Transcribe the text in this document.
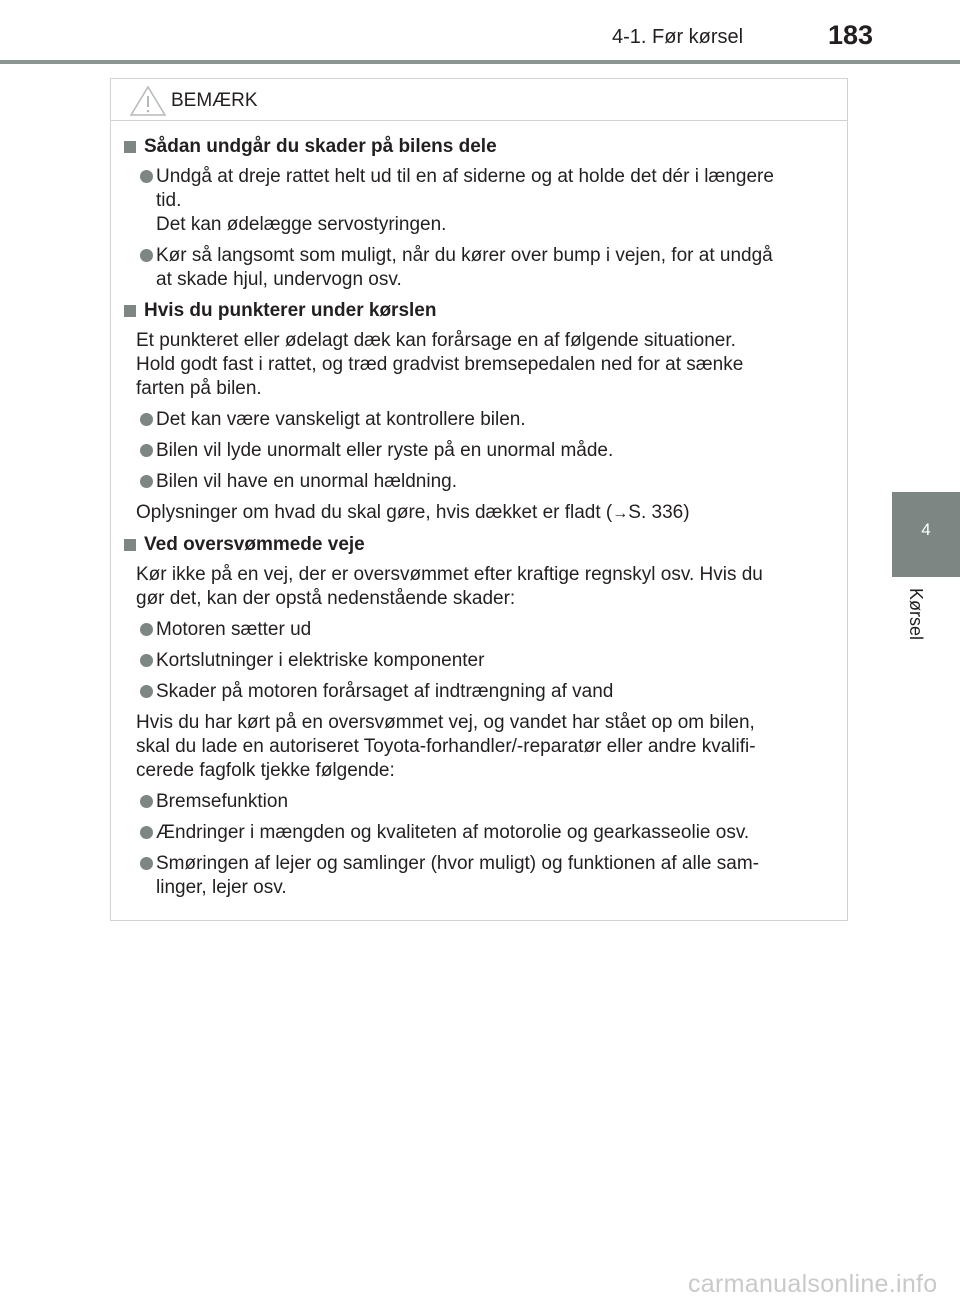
4-1. Før kørsel	183
4
Kørsel
BEMÆRK
Sådan undgår du skader på bilens dele
Undgå at dreje rattet helt ud til en af siderne og at holde det dér i længere
tid.
Det kan ødelægge servostyringen.
Kør så langsomt som muligt, når du kører over bump i vejen, for at undgå
at skade hjul, undervogn osv.
Hvis du punkterer under kørslen
Et punkteret eller ødelagt dæk kan forårsage en af følgende situationer.
Hold godt fast i rattet, og træd gradvist bremsepedalen ned for at sænke
farten på bilen.
Det kan være vanskeligt at kontrollere bilen.
Bilen vil lyde unormalt eller ryste på en unormal måde.
Bilen vil have en unormal hældning.
Oplysninger om hvad du skal gøre, hvis dækket er fladt (→S. 336)
Ved oversvømmede veje
Kør ikke på en vej, der er oversvømmet efter kraftige regnskyl osv. Hvis du
gør det, kan der opstå nedenstående skader:
Motoren sætter ud
Kortslutninger i elektriske komponenter
Skader på motoren forårsaget af indtrængning af vand
Hvis du har kørt på en oversvømmet vej, og vandet har stået op om bilen,
skal du lade en autoriseret Toyota-forhandler/-reparatør eller andre kvalifi-
cerede fagfolk tjekke følgende:
Bremsefunktion
Ændringer i mængden og kvaliteten af motorolie og gearkasseolie osv.
Smøringen af lejer og samlinger (hvor muligt) og funktionen af alle sam-
linger, lejer osv.
carmanualsonline.info
